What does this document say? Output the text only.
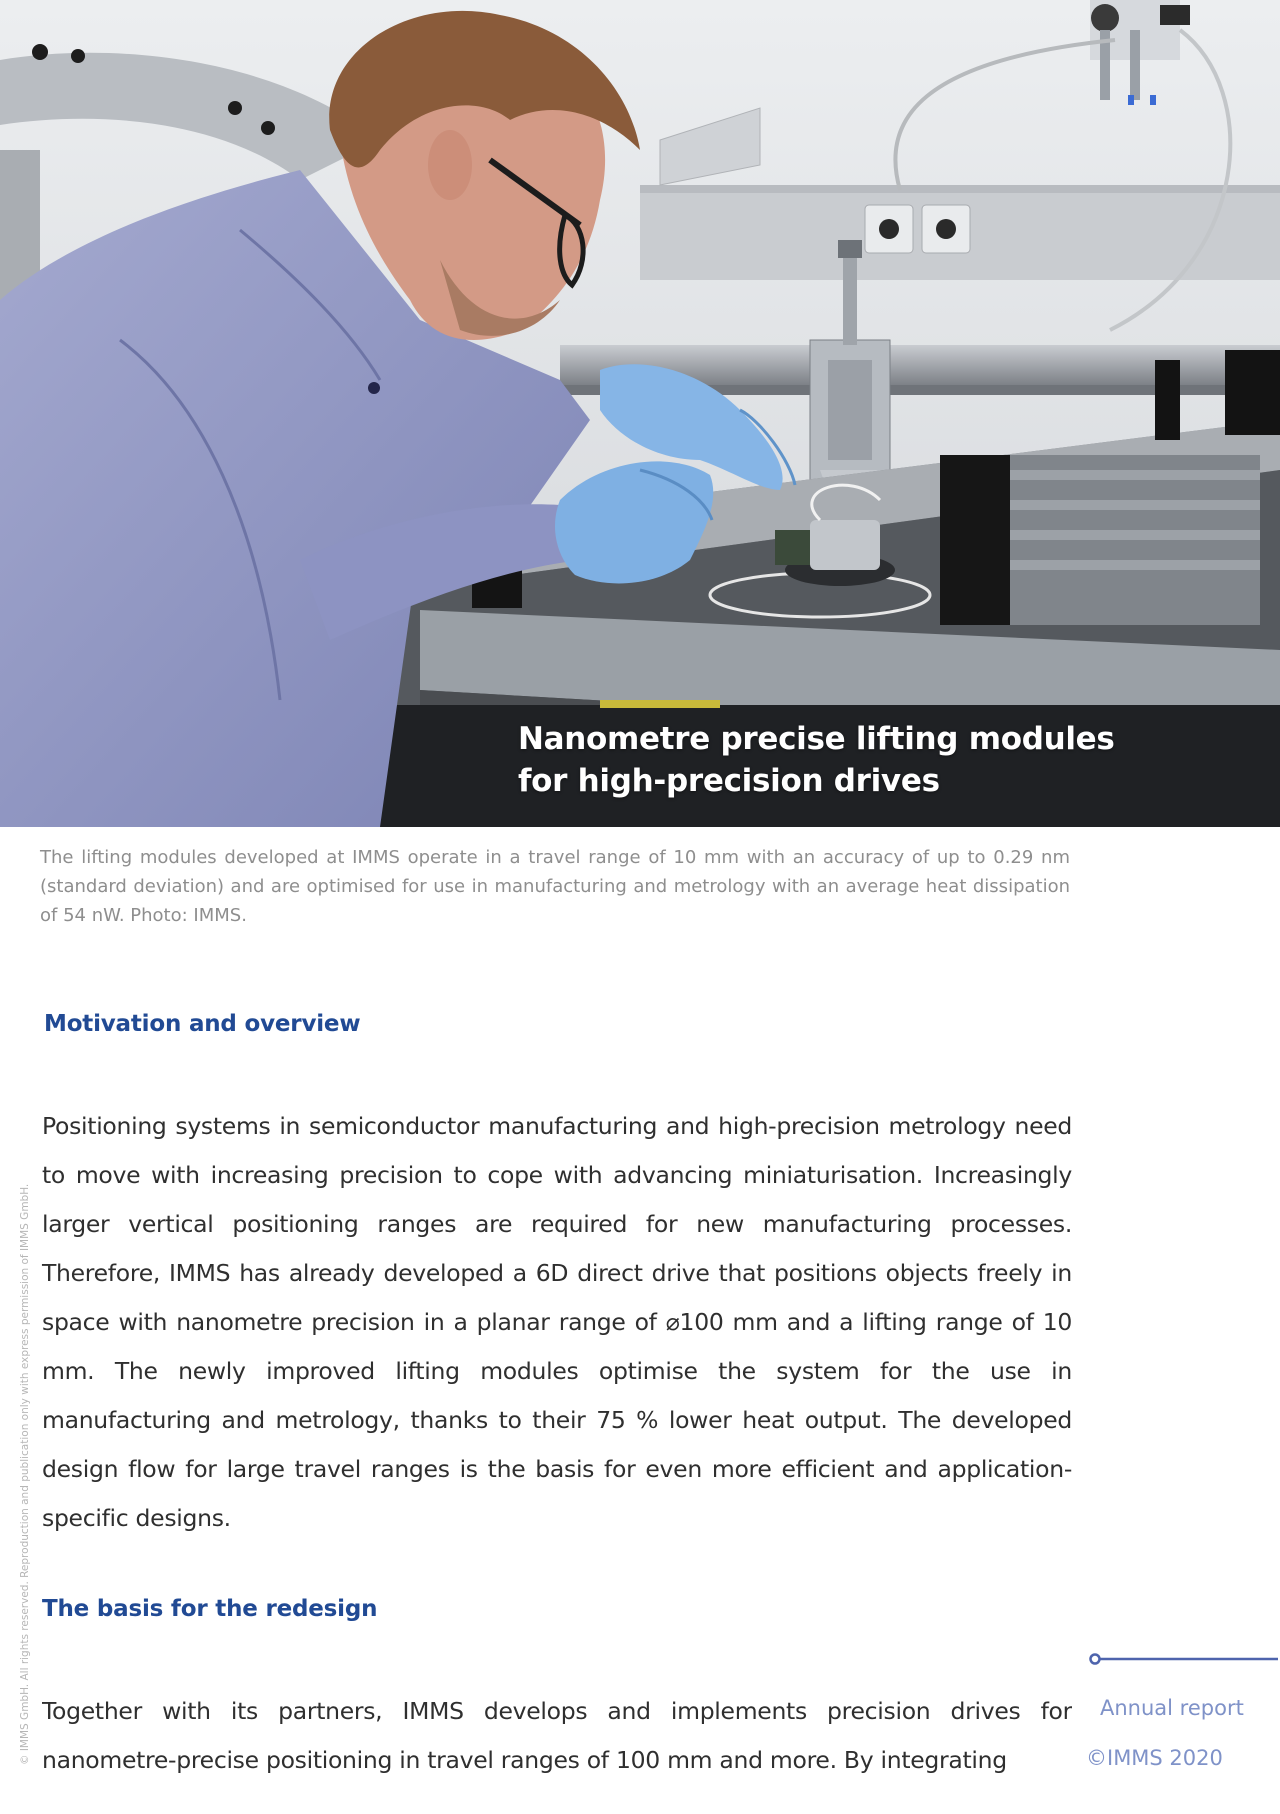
Nanometre precise lifting modules
for high-precision drives

The lifting modules developed at IMMS operate in a travel range of 10 mm with an accuracy of up to 0.29 nm (standard deviation) and are optimised for use in manufacturing and metrology with an average heat dissipation of 54 nW. Photo: IMMS.

© IMMS GmbH. All rights reserved. Reproduction and publication only with express permission of IMMS GmbH.
Motivation and overview

Positioning systems in semiconductor manufacturing and high-precision metrology need to move with increasing precision to cope with advancing miniaturisation. Increasingly larger vertical positioning ranges are required for new manufacturing processes. Therefore, IMMS has already developed a 6D direct drive that positions objects freely in space with nanometre precision in a planar range of ⌀100 mm and a lifting range of 10 mm. The newly improved lifting modules optimise the system for the use in manufacturing and metrology, thanks to their 75 % lower heat output. The developed design flow for large travel ranges is the basis for even more efficient and application-specific designs.

The basis for the redesign

Together with its partners, IMMS develops and implements precision drives for nanometre-precise positioning in travel ranges of 100 mm and more. By integrating

Annual report

©IMMS 2020
